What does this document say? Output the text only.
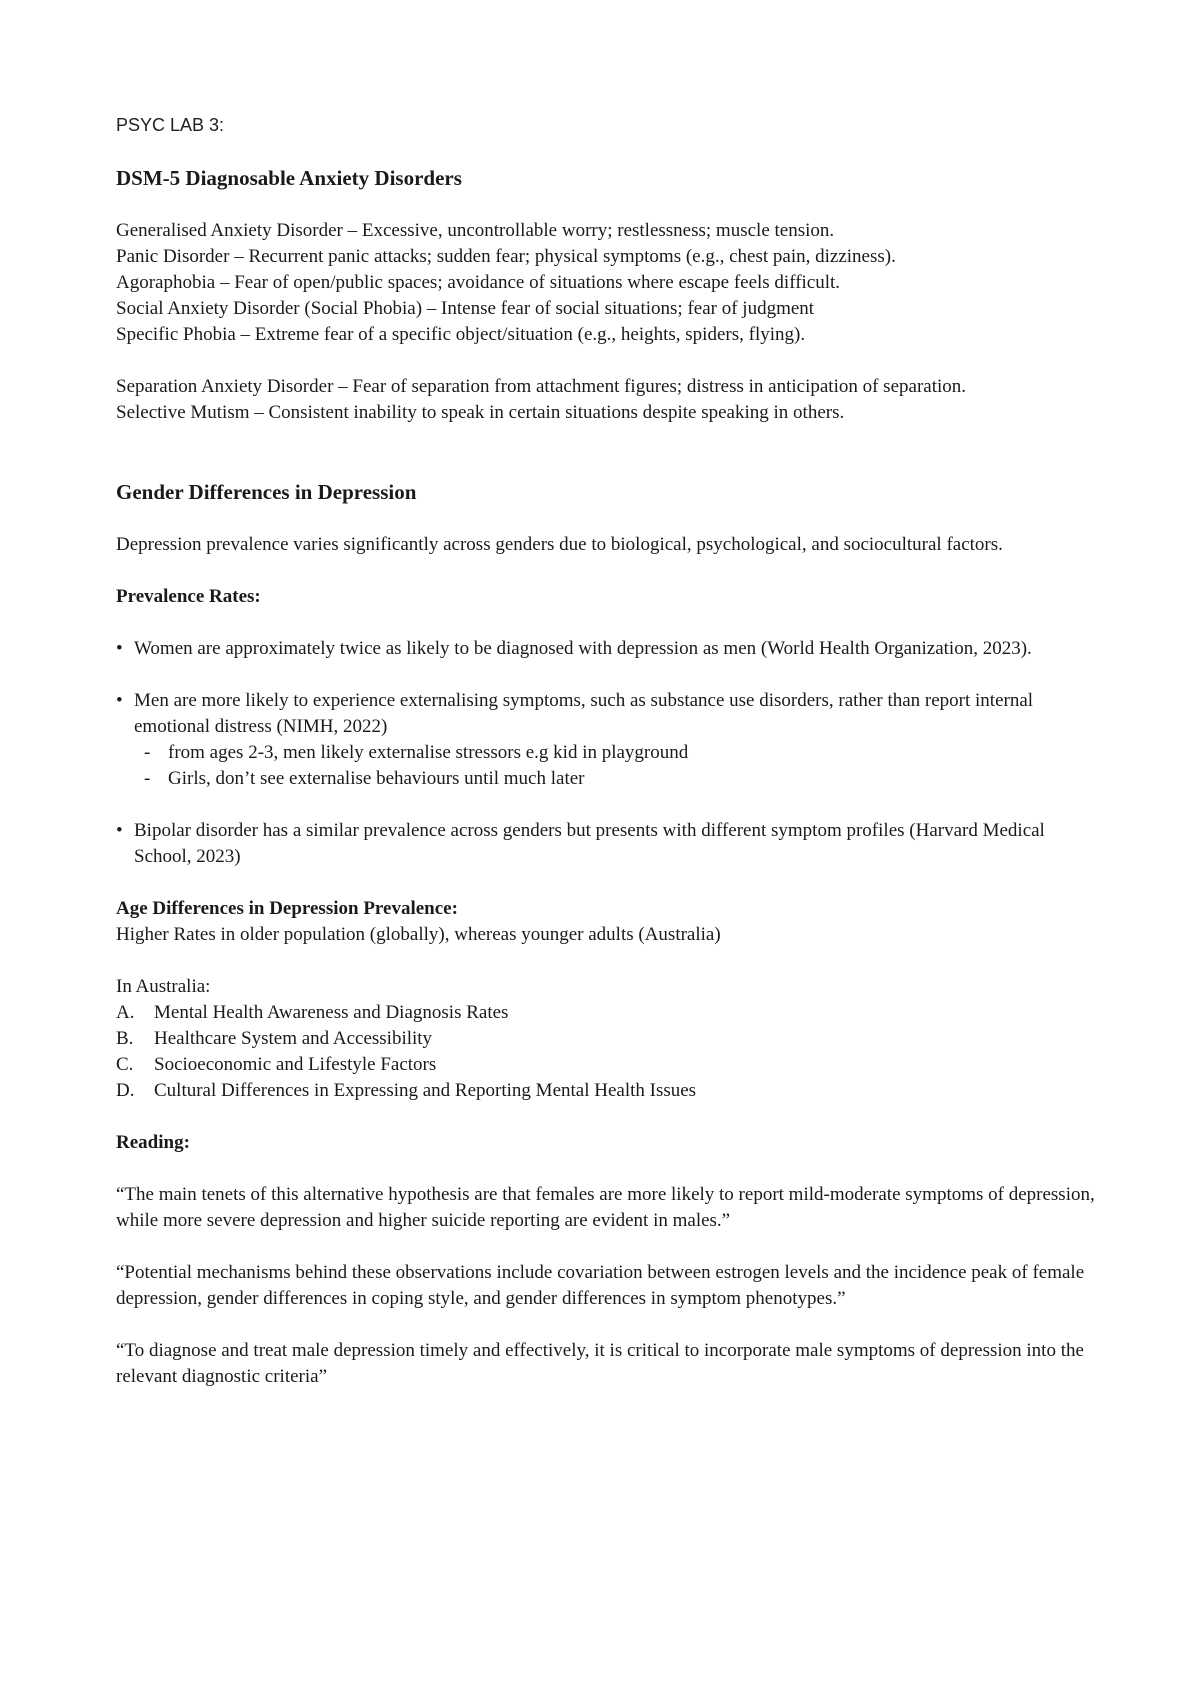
PSYC LAB 3:

DSM-5 Diagnosable Anxiety Disorders

Generalised Anxiety Disorder – Excessive, uncontrollable worry; restlessness; muscle tension.

Panic Disorder – Recurrent panic attacks; sudden fear; physical symptoms (e.g., chest pain, dizziness).

Agoraphobia – Fear of open/public spaces; avoidance of situations where escape feels difficult.

Social Anxiety Disorder (Social Phobia) – Intense fear of social situations; fear of judgment

Specific Phobia – Extreme fear of a specific object/situation (e.g., heights, spiders, flying).

Separation Anxiety Disorder – Fear of separation from attachment figures; distress in anticipation of separation.

Selective Mutism – Consistent inability to speak in certain situations despite speaking in others.

Gender Differences in Depression

Depression prevalence varies significantly across genders due to biological, psychological, and sociocultural factors.

Prevalence Rates:

• Women are approximately twice as likely to be diagnosed with depression as men (World Health Organization, 2023).
• Men are more likely to experience externalising symptoms, such as substance use disorders, rather than report internal emotional distress (NIMH, 2022)
- from ages 2-3, men likely externalise stressors e.g kid in playground
- Girls, don’t see externalise behaviours until much later
• Bipolar disorder has a similar prevalence across genders but presents with different symptom profiles (Harvard Medical School, 2023)

Age Differences in Depression Prevalence:

Higher Rates in older population (globally), whereas younger adults (Australia)

In Australia:

A. Mental Health Awareness and Diagnosis Rates
B. Healthcare System and Accessibility
C. Socioeconomic and Lifestyle Factors
D. Cultural Differences in Expressing and Reporting Mental Health Issues

Reading:

“The main tenets of this alternative hypothesis are that females are more likely to report mild-moderate symptoms of depression, while more severe depression and higher suicide reporting are evident in males.”

“Potential mechanisms behind these observations include covariation between estrogen levels and the incidence peak of female depression, gender differences in coping style, and gender differences in symptom phenotypes.”

“To diagnose and treat male depression timely and effectively, it is critical to incorporate male symptoms of depression into the relevant diagnostic criteria”
